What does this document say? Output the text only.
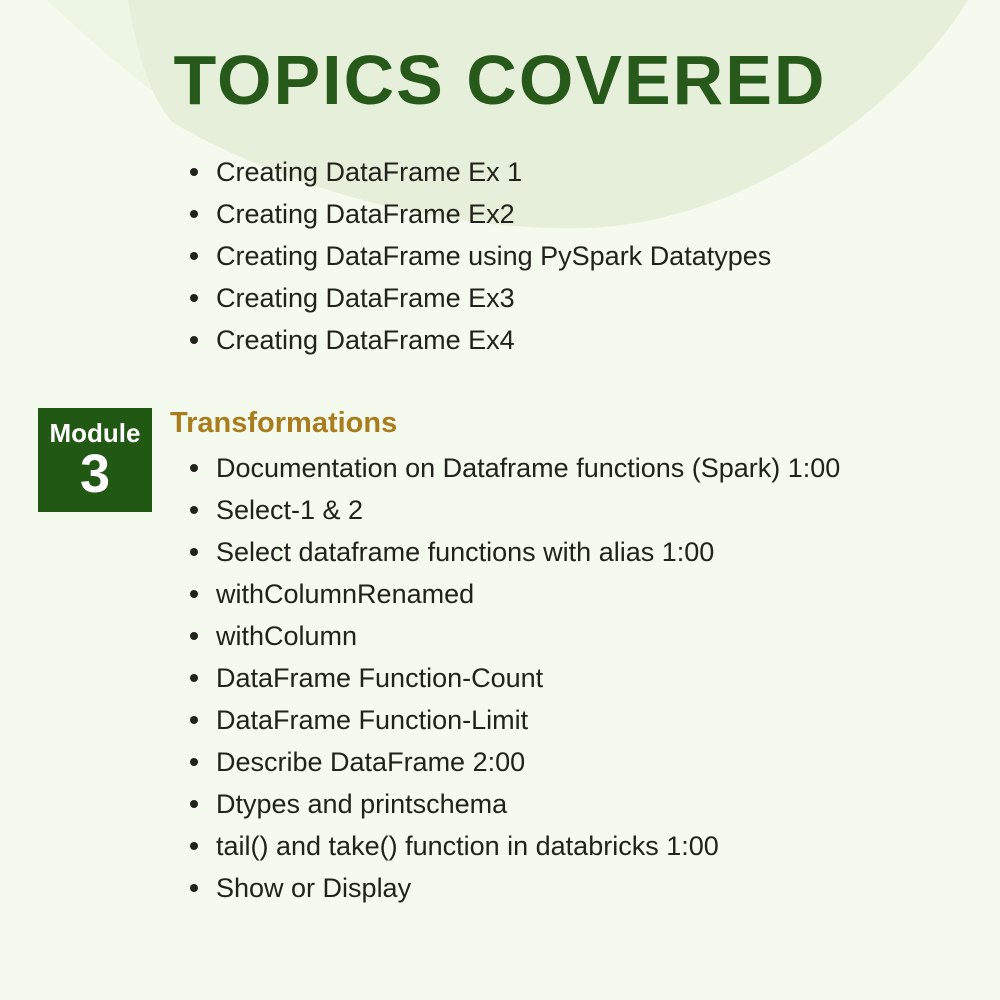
TOPICS COVERED
Creating DataFrame Ex 1
Creating DataFrame Ex2
Creating DataFrame using PySpark Datatypes
Creating DataFrame Ex3
Creating DataFrame Ex4
Module
3
Transformations
Documentation on Dataframe functions (Spark) 1:00
Select-1 & 2
Select dataframe functions with alias 1:00
withColumnRenamed
withColumn
DataFrame Function-Count
DataFrame Function-Limit
Describe DataFrame 2:00
Dtypes and printschema
tail() and take() function in databricks 1:00
Show or Display
